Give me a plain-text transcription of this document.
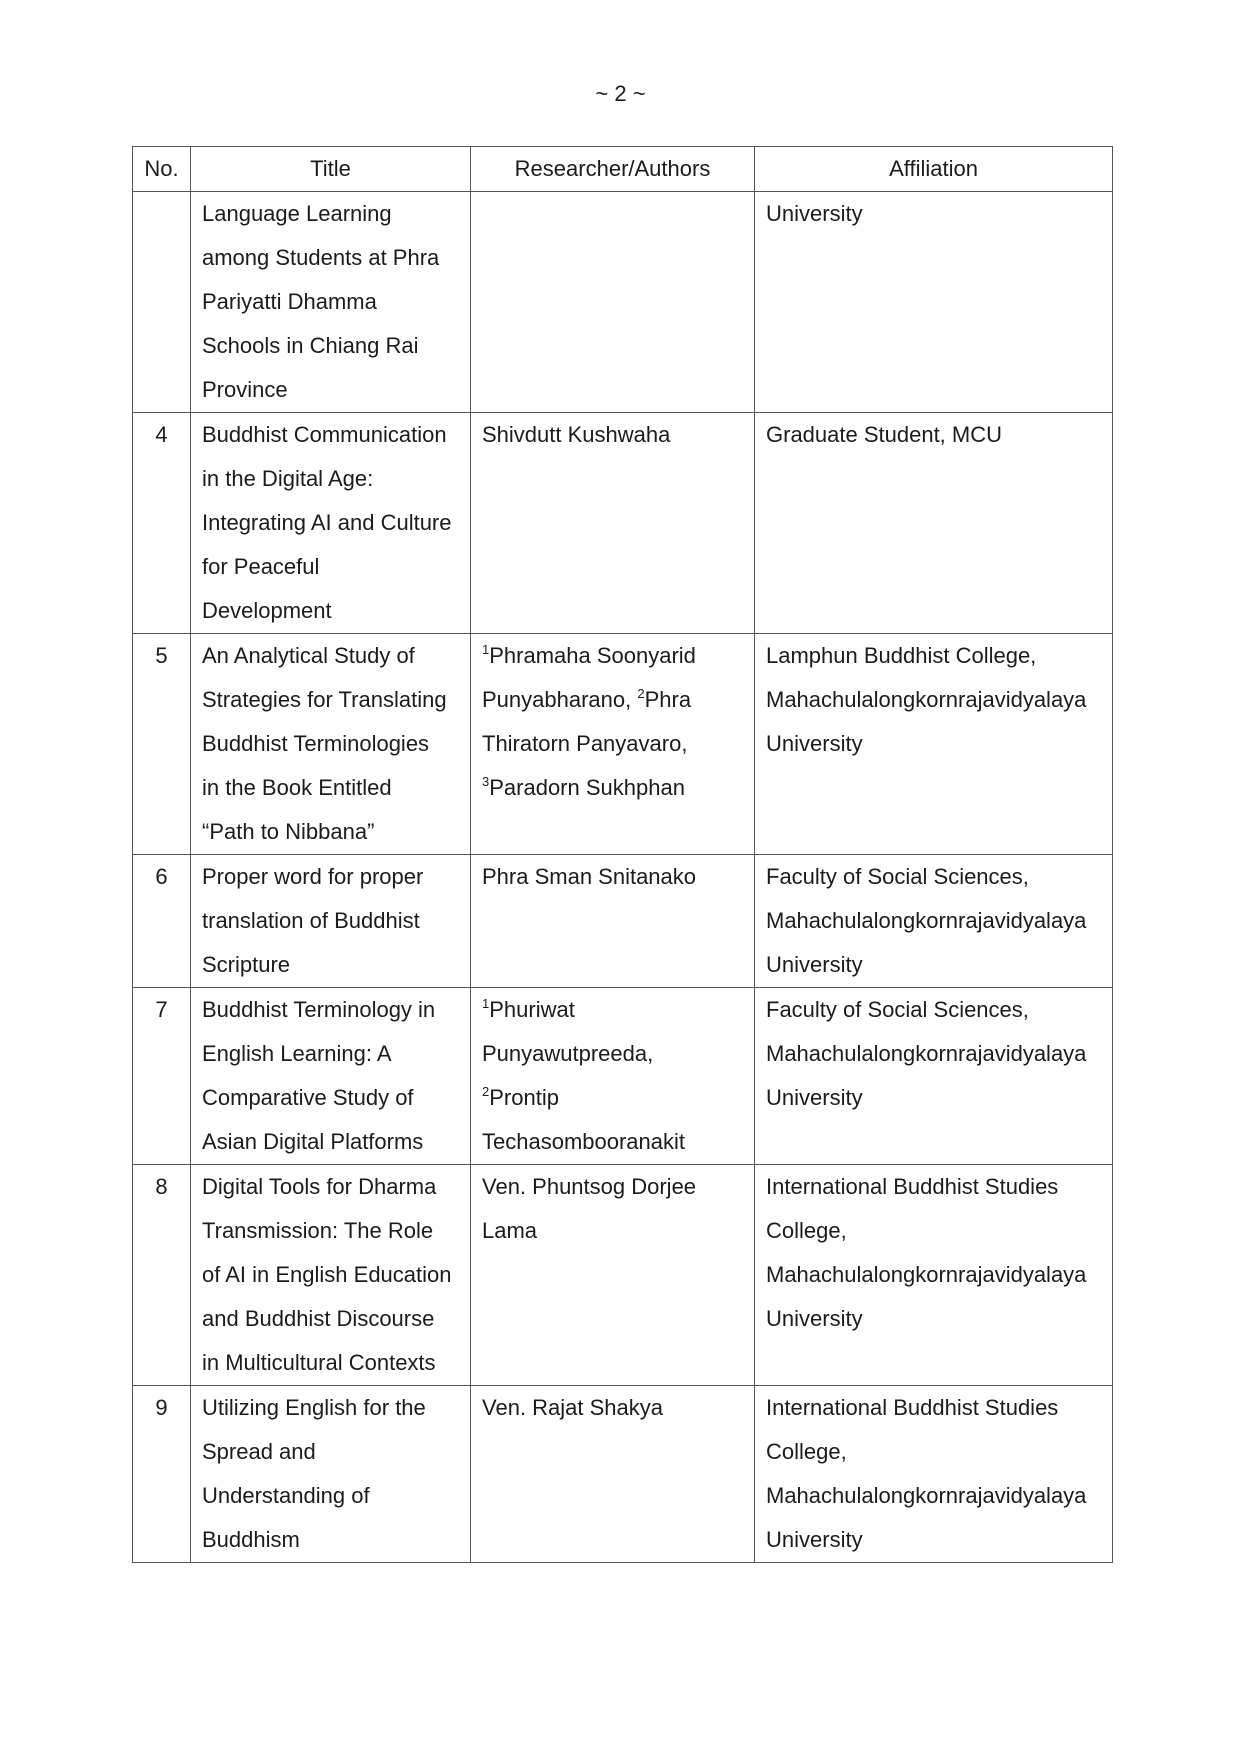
~ 2 ~
No.	Title	Researcher/Authors	Affiliation

	Language Learning
among Students at Phra
Pariyatti Dhamma
Schools in Chiang Rai
Province		University

4	Buddhist Communication
in the Digital Age:
Integrating AI and Culture
for Peaceful
Development	Shivdutt Kushwaha	Graduate Student, MCU

5	An Analytical Study of
Strategies for Translating
Buddhist Terminologies
in the Book Entitled
“Path to Nibbana”	$^1$Phramaha Soonyarid
Punyabharano, $^2$Phra
Thiratorn Panyavaro,
$^3$Paradorn Sukhphan	Lamphun Buddhist College,
Mahachulalongkornrajavidyalaya
University

6	Proper word for proper
translation of Buddhist
Scripture	Phra Sman Snitanako	Faculty of Social Sciences,
Mahachulalongkornrajavidyalaya
University

7	Buddhist Terminology in
English Learning: A
Comparative Study of
Asian Digital Platforms	$^1$Phuriwat
Punyawutpreeda,
$^2$Prontip
Techasombooranakit	Faculty of Social Sciences,
Mahachulalongkornrajavidyalaya
University

8	Digital Tools for Dharma
Transmission: The Role
of AI in English Education
and Buddhist Discourse
in Multicultural Contexts	Ven. Phuntsog Dorjee
Lama	International Buddhist Studies
College,
Mahachulalongkornrajavidyalaya
University

9	Utilizing English for the
Spread and
Understanding of
Buddhism	Ven. Rajat Shakya	International Buddhist Studies
College,
Mahachulalongkornrajavidyalaya
University
